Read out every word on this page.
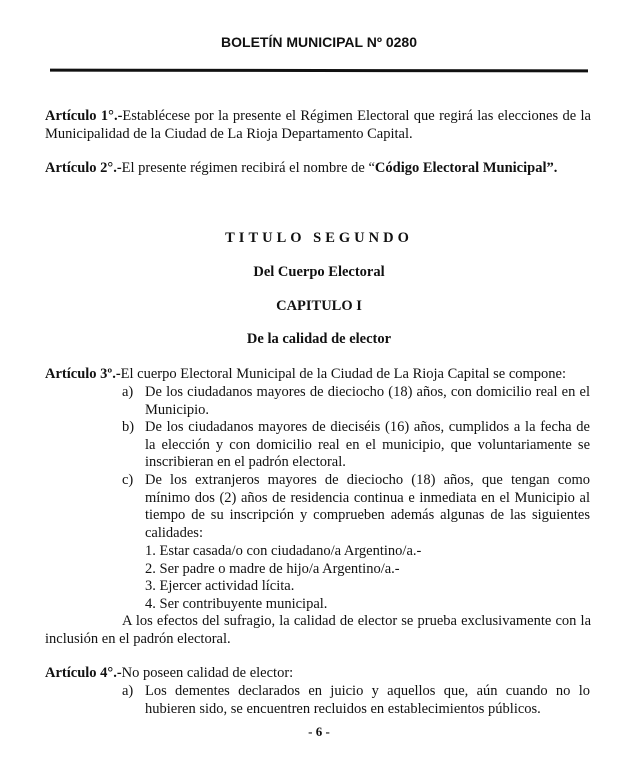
BOLETÍN MUNICIPAL Nº 0280
Artículo 1°.-Establécese por la presente el Régimen Electoral que regirá las elecciones de la Municipalidad de la Ciudad de La Rioja Departamento Capital.
Artículo 2°.-El presente régimen recibirá el nombre de “Código Electoral Municipal”.
TITULO SEGUNDO
Del Cuerpo Electoral
CAPITULO I
De la calidad de elector
Artículo 3º.-El cuerpo Electoral Municipal de la Ciudad de La Rioja Capital se compone:
a) De los ciudadanos mayores de dieciocho (18) años, con domicilio real en el Municipio.
b) De los ciudadanos mayores de dieciséis (16) años, cumplidos a la fecha de la elección y con domicilio real en el municipio, que voluntariamente se inscribieran en el padrón electoral.
c) De los extranjeros mayores de dieciocho (18) años, que tengan como mínimo dos (2) años de residencia continua e inmediata en el Municipio al tiempo de su inscripción y comprueben además algunas de las siguientes calidades:
1. Estar casada/o con ciudadano/a Argentino/a.-
2. Ser padre o madre de hijo/a Argentino/a.-
3. Ejercer actividad lícita.
4. Ser contribuyente municipal.
A los efectos del sufragio, la calidad de elector se prueba exclusivamente con la inclusión en el padrón electoral.
Artículo 4°.-No poseen calidad de elector:
a) Los dementes declarados en juicio y aquellos que, aún cuando no lo hubieren sido, se encuentren recluidos en establecimientos públicos.
- 6 -
